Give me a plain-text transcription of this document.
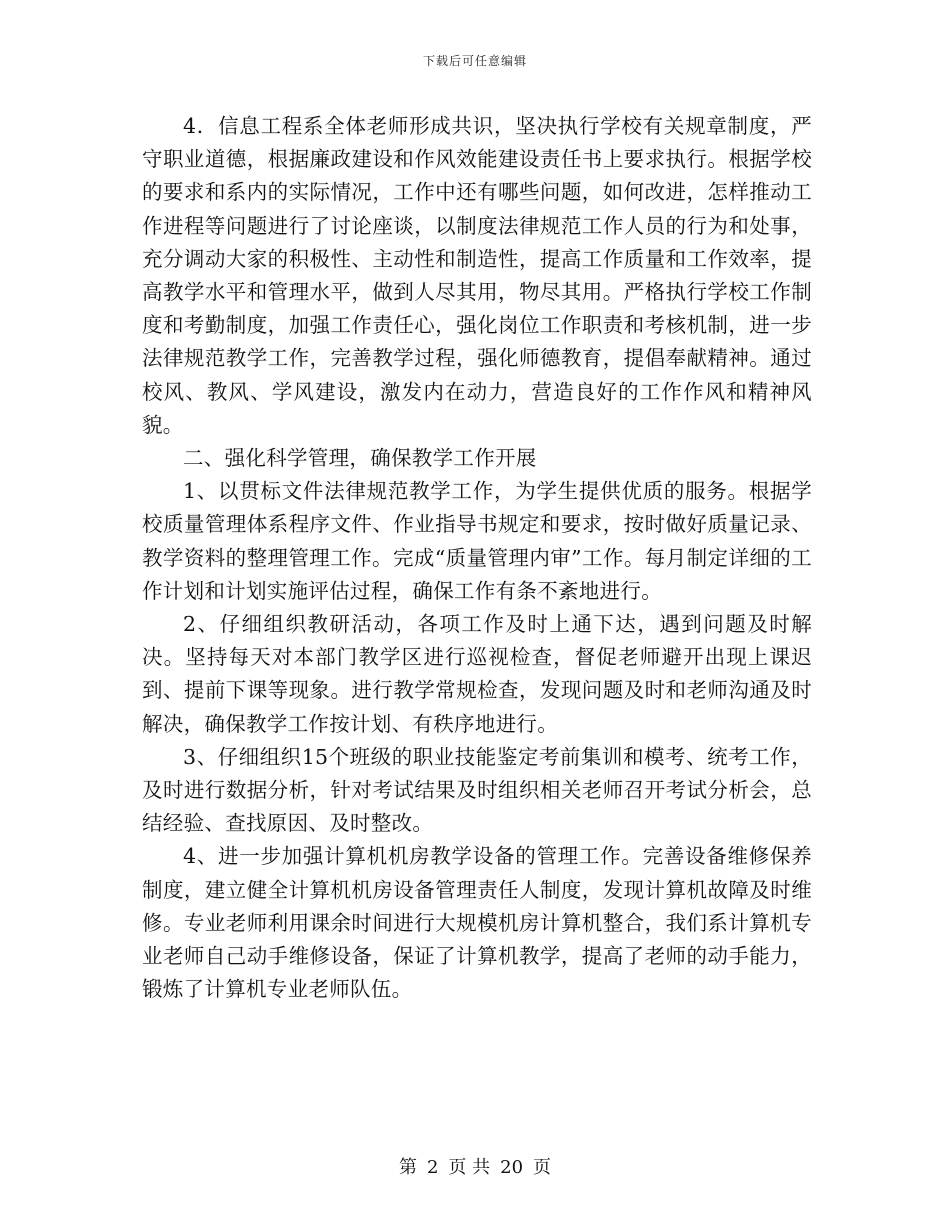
下载后可任意编辑

4．信息工程系全体老师形成共识，坚决执行学校有关规章制度，严守职业道德，根据廉政建设和作风效能建设责任书上要求执行。根据学校的要求和系内的实际情况，工作中还有哪些问题，如何改进，怎样推动工作进程等问题进行了讨论座谈，以制度法律规范工作人员的行为和处事，充分调动大家的积极性、主动性和制造性，提高工作质量和工作效率，提高教学水平和管理水平，做到人尽其用，物尽其用。严格执行学校工作制度和考勤制度，加强工作责任心，强化岗位工作职责和考核机制，进一步法律规范教学工作，完善教学过程，强化师德教育，提倡奉献精神。通过校风、教风、学风建设，激发内在动力，营造良好的工作作风和精神风貌。

二、强化科学管理，确保教学工作开展

1、以贯标文件法律规范教学工作，为学生提供优质的服务。根据学校质量管理体系程序文件、作业指导书规定和要求，按时做好质量记录、教学资料的整理管理工作。完成“质量管理内审”工作。每月制定详细的工作计划和计划实施评估过程，确保工作有条不紊地进行。

2、仔细组织教研活动，各项工作及时上通下达，遇到问题及时解决。坚持每天对本部门教学区进行巡视检查，督促老师避开出现上课迟到、提前下课等现象。进行教学常规检查，发现问题及时和老师沟通及时解决，确保教学工作按计划、有秩序地进行。

3、仔细组织15个班级的职业技能鉴定考前集训和模考、统考工作，及时进行数据分析，针对考试结果及时组织相关老师召开考试分析会，总结经验、查找原因、及时整改。

4、进一步加强计算机机房教学设备的管理工作。完善设备维修保养制度，建立健全计算机机房设备管理责任人制度，发现计算机故障及时维修。专业老师利用课余时间进行大规模机房计算机整合，我们系计算机专业老师自己动手维修设备，保证了计算机教学，提高了老师的动手能力，锻炼了计算机专业老师队伍。

第 2 页 共 20 页
